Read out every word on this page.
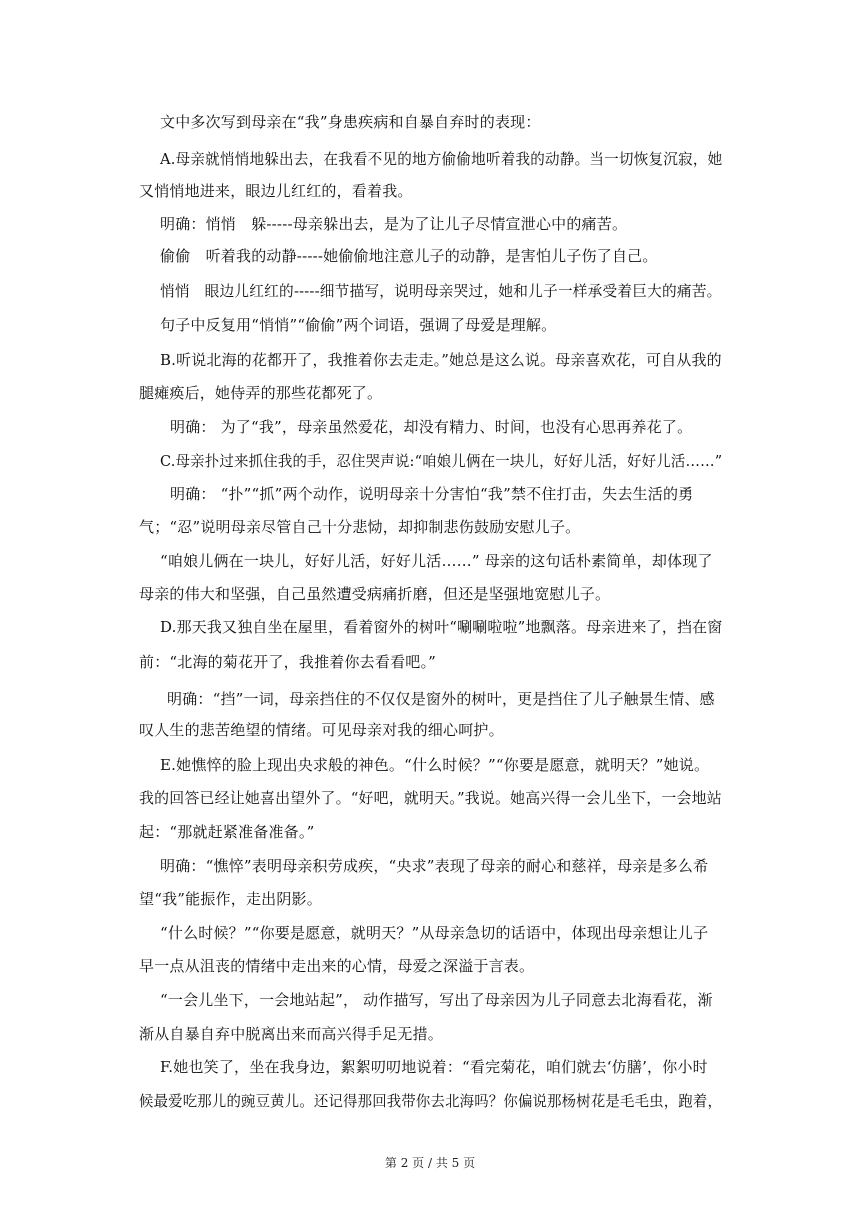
文中多次写到母亲在“我”身患疾病和自暴自弃时的表现：
A.母亲就悄悄地躲出去，在我看不见的地方偷偷地听着我的动静。当一切恢复沉寂，她
又悄悄地进来，眼边儿红红的，看着我。
明确：悄悄　躲-----母亲躲出去，是为了让儿子尽情宣泄心中的痛苦。
偷偷　听着我的动静-----她偷偷地注意儿子的动静，是害怕儿子伤了自己。
悄悄　眼边儿红红的-----细节描写，说明母亲哭过，她和儿子一样承受着巨大的痛苦。
句子中反复用“悄悄”“偷偷”两个词语，强调了母爱是理解。
B.听说北海的花都开了，我推着你去走走。”她总是这么说。母亲喜欢花，可自从我的
腿瘫痪后，她侍弄的那些花都死了。
明确： 为了“我”，母亲虽然爱花，却没有精力、时间，也没有心思再养花了。
C.母亲扑过来抓住我的手，忍住哭声说:“咱娘儿俩在一块儿，好好儿活，好好儿活……”
明确： “扑”“抓”两个动作，说明母亲十分害怕“我”禁不住打击，失去生活的勇
气；“忍”说明母亲尽管自己十分悲恸，却抑制悲伤鼓励安慰儿子。
“咱娘儿俩在一块儿，好好儿活，好好儿活……” 母亲的这句话朴素简单，却体现了
母亲的伟大和坚强，自己虽然遭受病痛折磨，但还是坚强地宽慰儿子。
D.那天我又独自坐在屋里，看着窗外的树叶“唰唰啦啦”地飘落。母亲进来了，挡在窗
前：“北海的菊花开了，我推着你去看看吧。”
明确：“挡”一词，母亲挡住的不仅仅是窗外的树叶，更是挡住了儿子触景生情、感
叹人生的悲苦绝望的情绪。可见母亲对我的细心呵护。
E.她憔悴的脸上现出央求般的神色。“什么时候？”“你要是愿意，就明天？”她说。
我的回答已经让她喜出望外了。“好吧，就明天。”我说。她高兴得一会儿坐下，一会地站
起：“那就赶紧准备准备。”
明确：“憔悴”表明母亲积劳成疾，“央求”表现了母亲的耐心和慈祥，母亲是多么希
望“我”能振作，走出阴影。
“什么时候？”“你要是愿意，就明天？”从母亲急切的话语中，体现出母亲想让儿子
早一点从沮丧的情绪中走出来的心情，母爱之深溢于言表。
“一会儿坐下，一会地站起”， 动作描写，写出了母亲因为儿子同意去北海看花，渐
渐从自暴自弃中脱离出来而高兴得手足无措。
F.她也笑了，坐在我身边，絮絮叨叨地说着：“看完菊花，咱们就去‘仿膳’，你小时
候最爱吃那儿的豌豆黄儿。还记得那回我带你去北海吗？你偏说那杨树花是毛毛虫，跑着，
第 2 页 / 共 5 页
